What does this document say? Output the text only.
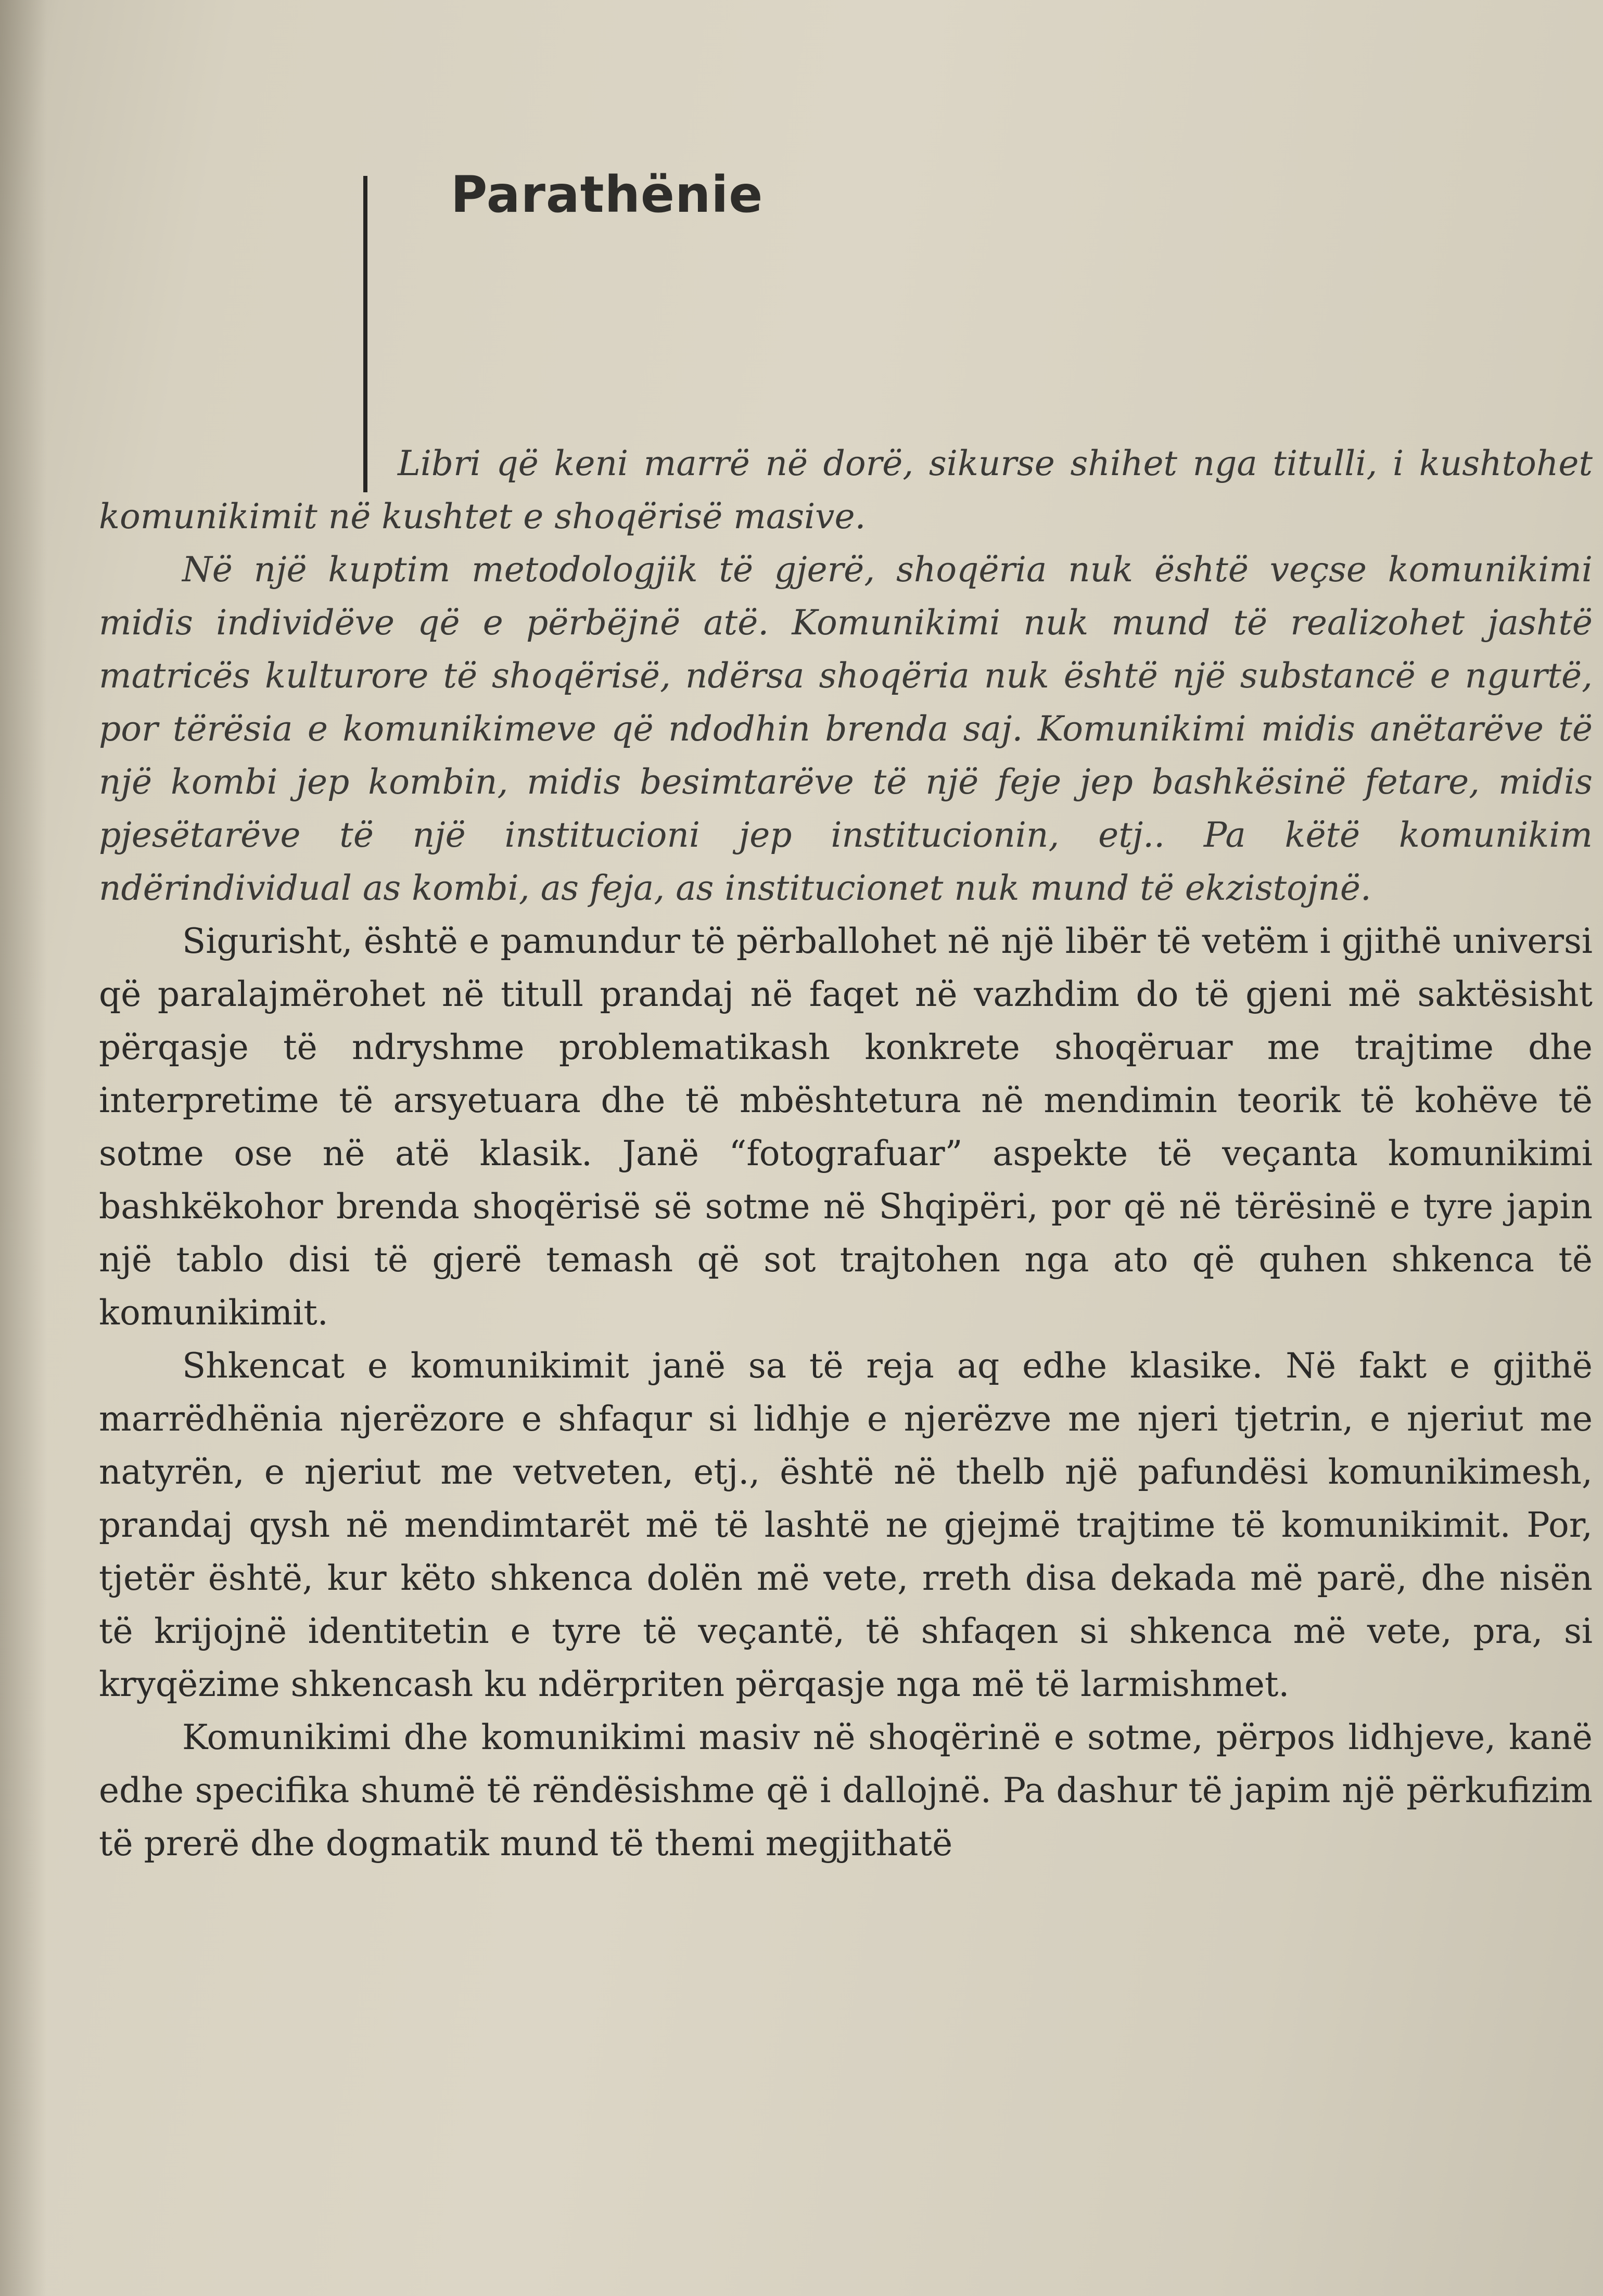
Parathënie

Libri që keni marrë në dorë, sikurse shihet nga titulli, i kushtohet komunikimit në kushtet e shoqërisë masive.

Në një kuptim metodologjik të gjerë, shoqëria nuk është veçse komunikimi midis individëve që e përbëjnë atë. Komunikimi nuk mund të realizohet jashtë matricës kulturore të shoqërisë, ndërsa shoqëria nuk është një substancë e ngurtë, por tërësia e komunikimeve që ndodhin brenda saj. Komunikimi midis anëtarëve të një kombi jep kombin, midis besimtarëve të një feje jep bashkësinë fetare, midis pjesëtarëve të një institucioni jep institucionin, etj.. Pa këtë komunikim ndërindividual as kombi, as feja, as institucionet nuk mund të ekzistojnë.

Sigurisht, është e pamundur të përballohet në një libër të vetëm i gjithë universi që paralajmërohet në titull prandaj në faqet në vazhdim do të gjeni më saktësisht përqasje të ndryshme problematikash konkrete shoqëruar me trajtime dhe interpretime të arsyetuara dhe të mbështetura në mendimin teorik të kohëve të sotme ose në atë klasik. Janë “fotografuar” aspekte të veçanta komunikimi bashkëkohor brenda shoqërisë së sotme në Shqipëri, por që në tërësinë e tyre japin një tablo disi të gjerë temash që sot trajtohen nga ato që quhen shkenca të komunikimit.

Shkencat e komunikimit janë sa të reja aq edhe klasike. Në fakt e gjithë marrëdhënia njerëzore e shfaqur si lidhje e njerëzve me njeri tjetrin, e njeriut me natyrën, e njeriut me vetveten, etj., është në thelb një pafundësi komunikimesh, prandaj qysh në mendimtarët më të lashtë ne gjejmë trajtime të komunikimit. Por, tjetër është, kur këto shkenca dolën më vete, rreth disa dekada më parë, dhe nisën të krijojnë identitetin e tyre të veçantë, të shfaqen si shkenca më vete, pra, si kryqëzime shkencash ku ndërpriten përqasje nga më të larmishmet.

Komunikimi dhe komunikimi masiv në shoqërinë e sotme, përpos lidhjeve, kanë edhe specifika shumë të rëndësishme që i dallojnë. Pa dashur të japim një përkufizim të prerë dhe dogmatik mund të themi megjithatë
